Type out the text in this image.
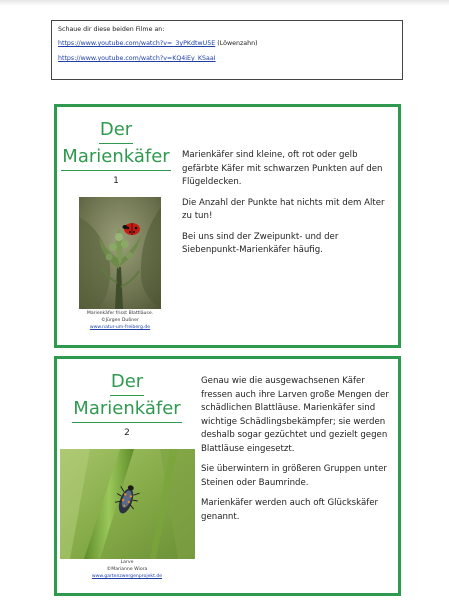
Schaue dir diese beiden Filme an:
https://www.youtube.com/watch?v=_3yPKdtwU5E (Löwenzahn)
https://www.youtube.com/watch?v=KQ4iEy_KSaaI
Der
Marienkäfer
1
Marienkäfer frisst Blattläuse.
©Jürgen Dußner
www.natur-um-freiberg.de

Marienkäfer sind kleine, oft rot oder gelb gefärbte Käfer mit schwarzen Punkten auf den Flügeldecken.

Die Anzahl der Punkte hat nichts mit dem Alter zu tun!

Bei uns sind der Zweipunkt- und der Siebenpunkt-Marienkäfer häufig.

Der
Marienkäfer
2
Larve
©Marianne Wiora
www.gartenzwergenprojekt.de

Genau wie die ausgewachsenen Käfer fressen auch ihre Larven große Mengen der schädlichen Blattläuse. Marienkäfer sind wichtige Schädlingsbekämpfer; sie werden deshalb sogar gezüchtet und gezielt gegen Blattläuse eingesetzt.

Sie überwintern in größeren Gruppen unter Steinen oder Baumrinde.

Marienkäfer werden auch oft Glückskäfer genannt.
